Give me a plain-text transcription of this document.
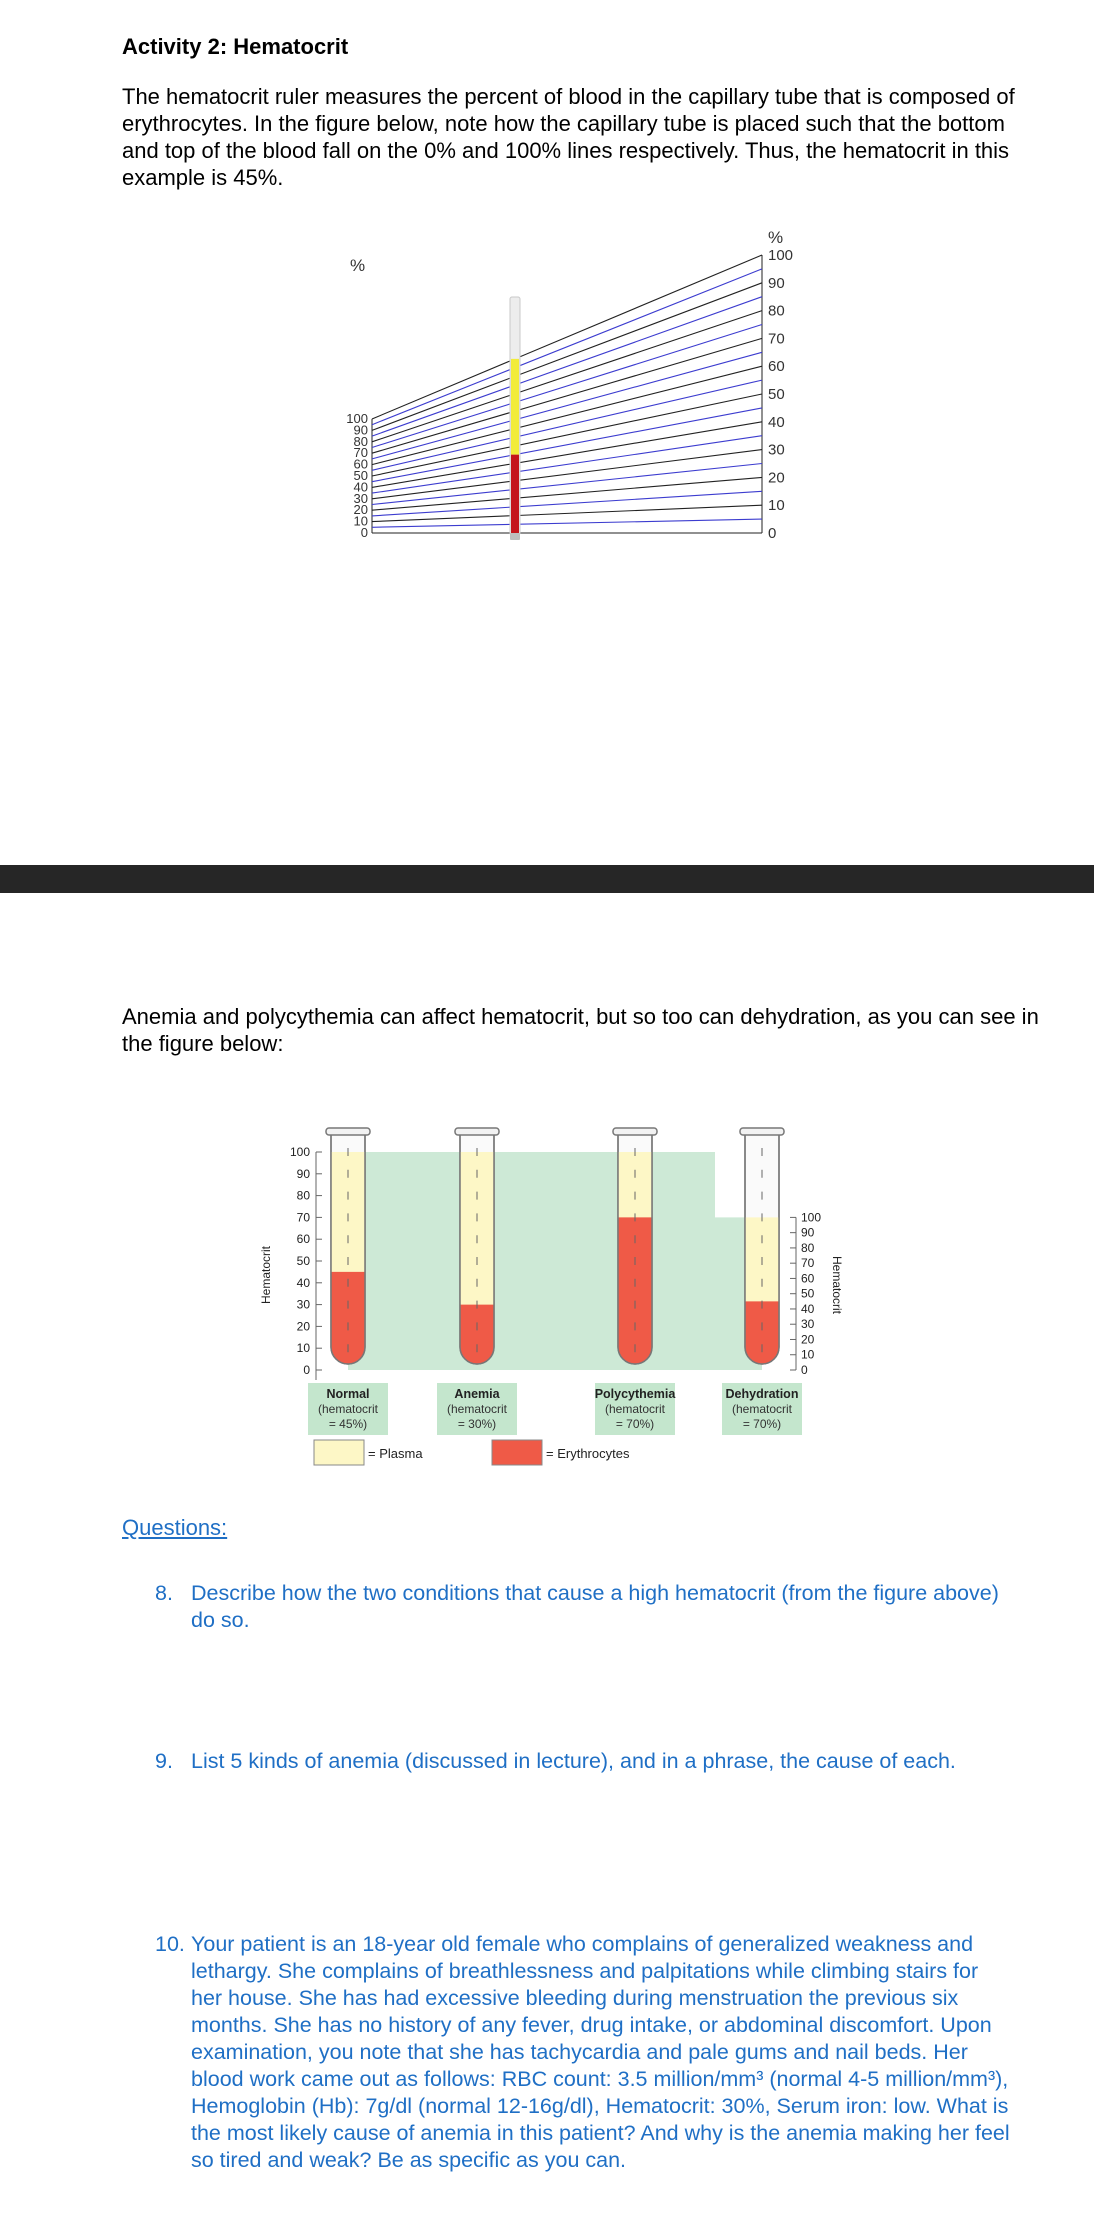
Activity 2: Hematocrit
The hematocrit ruler measures the percent of blood in the capillary tube that is composed of erythrocytes. In the figure below, note how the capillary tube is placed such that the bottom and top of the blood fall on the 0% and 100% lines respectively. Thus, the hematocrit in this example is 45%.
%
100
90
80
70
60
50
40
30
20
10
0
%
100
90
80
70
60
50
40
30
20
10
0
Anemia and polycythemia can affect hematocrit, but so too can dehydration, as you can see in the figure below:
Hematocrit
100
90
80
70
60
50
40
30
20
10
0
100
90
80
70
60
50
40
30
20
10
0
Hematocrit
Normal
(hematocrit
= 45%)
Anemia
(hematocrit
= 30%)
Polycythemia
(hematocrit
= 70%)
Dehydration
(hematocrit
= 70%)
= Plasma	= Erythrocytes
Questions:
8. Describe how the two conditions that cause a high hematocrit (from the figure above) do so.
9. List 5 kinds of anemia (discussed in lecture), and in a phrase, the cause of each.
10. Your patient is an 18-year old female who complains of generalized weakness and lethargy. She complains of breathlessness and palpitations while climbing stairs for her house. She has had excessive bleeding during menstruation the previous six months. She has no history of any fever, drug intake, or abdominal discomfort. Upon examination, you note that she has tachycardia and pale gums and nail beds. Her blood work came out as follows: RBC count: 3.5 million/mm³ (normal 4-5 million/mm³), Hemoglobin (Hb): 7g/dl (normal 12-16g/dl), Hematocrit: 30%, Serum iron: low. What is the most likely cause of anemia in this patient? And why is the anemia making her feel so tired and weak? Be as specific as you can.
